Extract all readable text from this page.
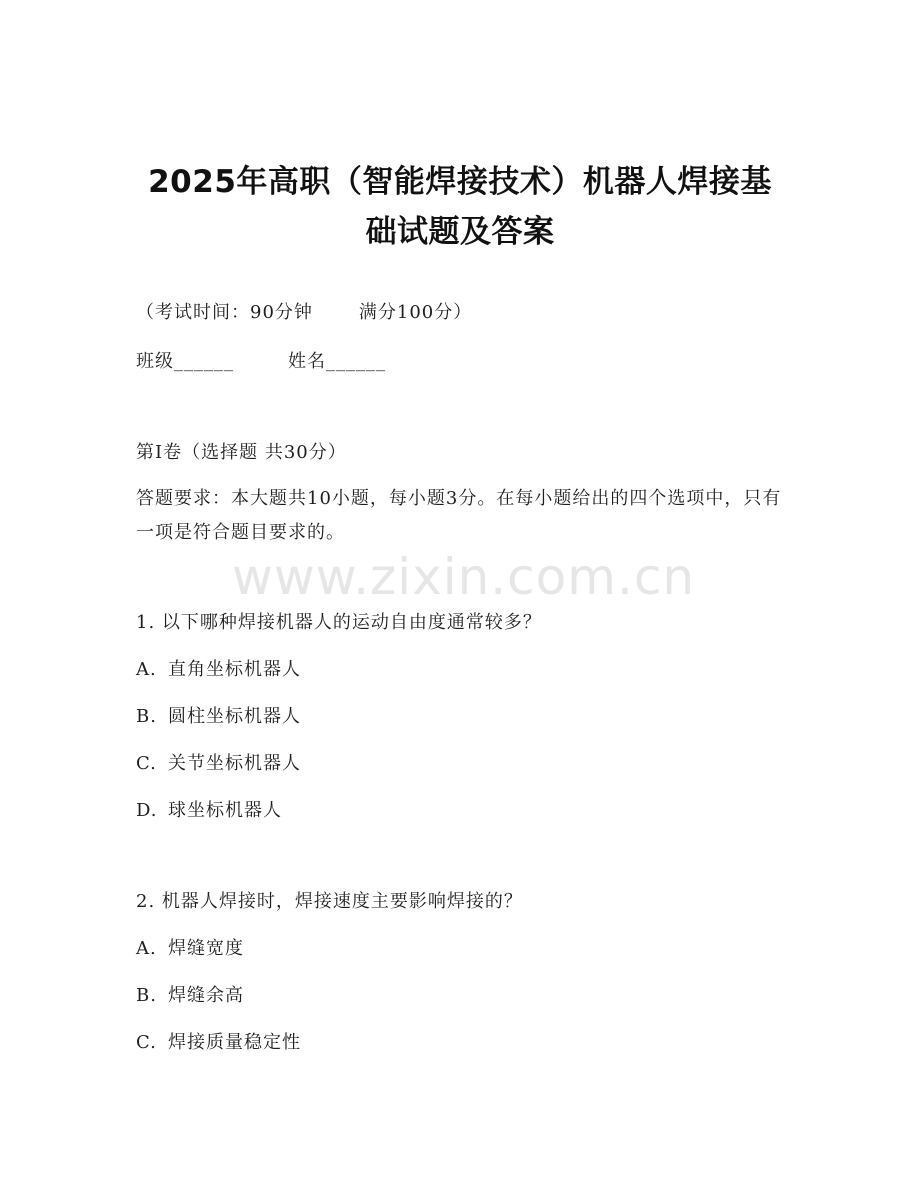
2025年高职（智能焊接技术）机器人焊接基
础试题及答案
（考试时间：90分钟	满分100分）
班级______	姓名______
第I卷（选择题 共30分）
答题要求：本大题共10小题，每小题3分。在每小题给出的四个选项中，只有一项是符合题目要求的。
www.zixin.com.cn
1. 以下哪种焊接机器人的运动自由度通常较多？
A. 直角坐标机器人
B. 圆柱坐标机器人
C. 关节坐标机器人
D. 球坐标机器人
2. 机器人焊接时，焊接速度主要影响焊接的？
A. 焊缝宽度
B. 焊缝余高
C. 焊接质量稳定性
